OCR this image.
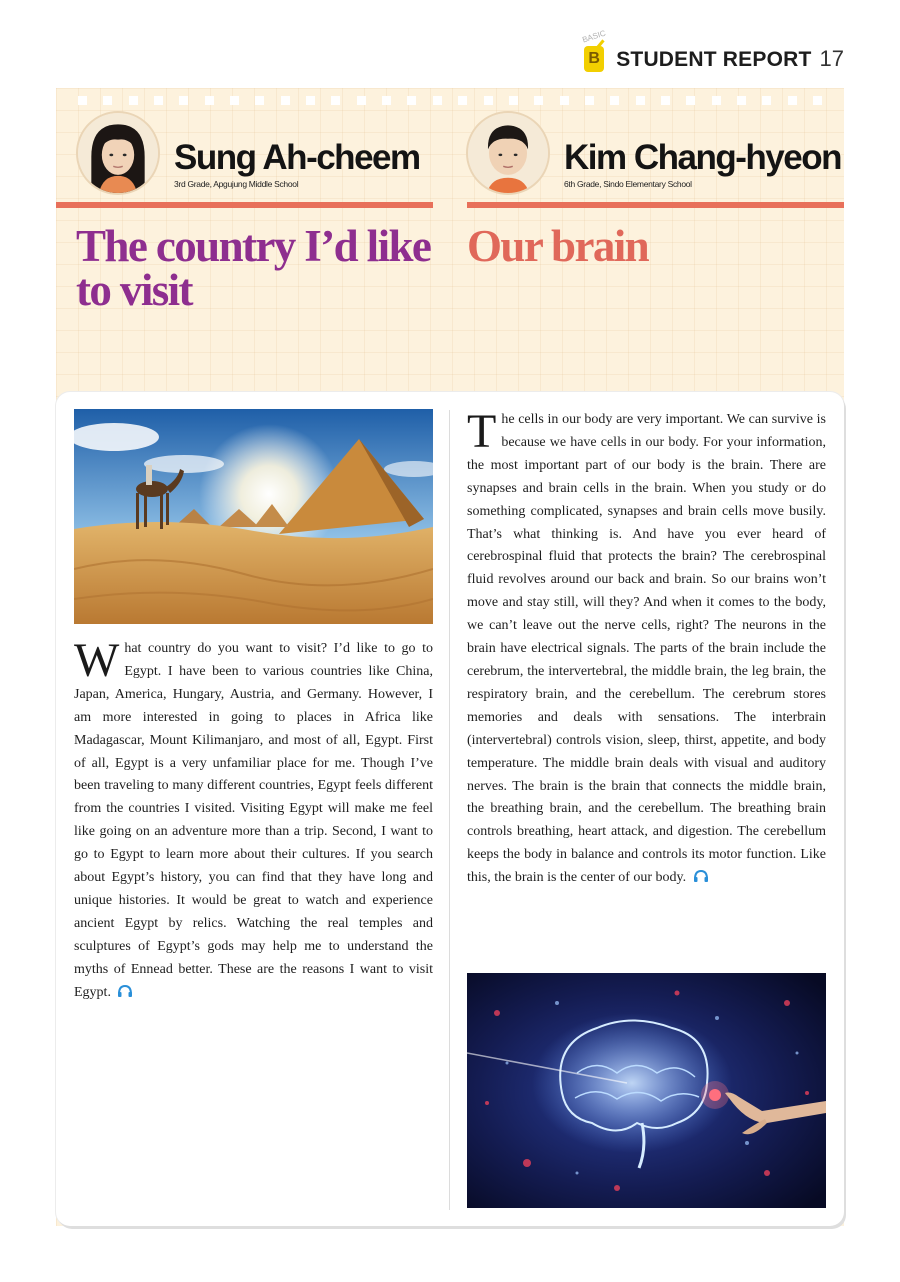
BASIC
B STUDENT REPORT 17
Sung Ah-cheem
3rd Grade, Apgujung Middle School
Kim Chang-hyeon
6th Grade, Sindo Elementary School
The country I’d like to visit
Our brain
W hat country do you want to visit? I’d like to go to Egypt. I have been to various countries like China, Japan, America, Hungary, Austria, and Germany. However, I am more interested in going to places in Africa like Madagascar, Mount Kilimanjaro, and most of all, Egypt. First of all, Egypt is a very unfamiliar place for me. Though I’ve been traveling to many different countries, Egypt feels different from the countries I visited. Visiting Egypt will make me feel like going on an adventure more than a trip. Second, I want to go to Egypt to learn more about their cultures. If you search about Egypt’s history, you can find that they have long and unique histories. It would be great to watch and experience ancient Egypt by relics. Watching the real temples and sculptures of Egypt’s gods may help me to understand the myths of Ennead better. These are the reasons I want to visit Egypt.
T he cells in our body are very important. We can survive is because we have cells in our body. For your information, the most important part of our body is the brain. There are synapses and brain cells in the brain. When you study or do something complicated, synapses and brain cells move busily. That’s what thinking is. And have you ever heard of cerebrospinal fluid that protects the brain? The cerebrospinal fluid revolves around our back and brain. So our brains won’t move and stay still, will they? And when it comes to the body, we can’t leave out the nerve cells, right? The neurons in the brain have electrical signals. The parts of the brain include the cerebrum, the intervertebral, the middle brain, the leg brain, the respiratory brain, and the cerebellum. The cerebrum stores memories and deals with sensations. The interbrain (intervertebral) controls vision, sleep, thirst, appetite, and body temperature. The middle brain deals with visual and auditory nerves. The brain is the brain that connects the middle brain, the breathing brain, and the cerebellum. The breathing brain controls breathing, heart attack, and digestion. The cerebellum keeps the body in balance and controls its motor function. Like this, the brain is the center of our body.
